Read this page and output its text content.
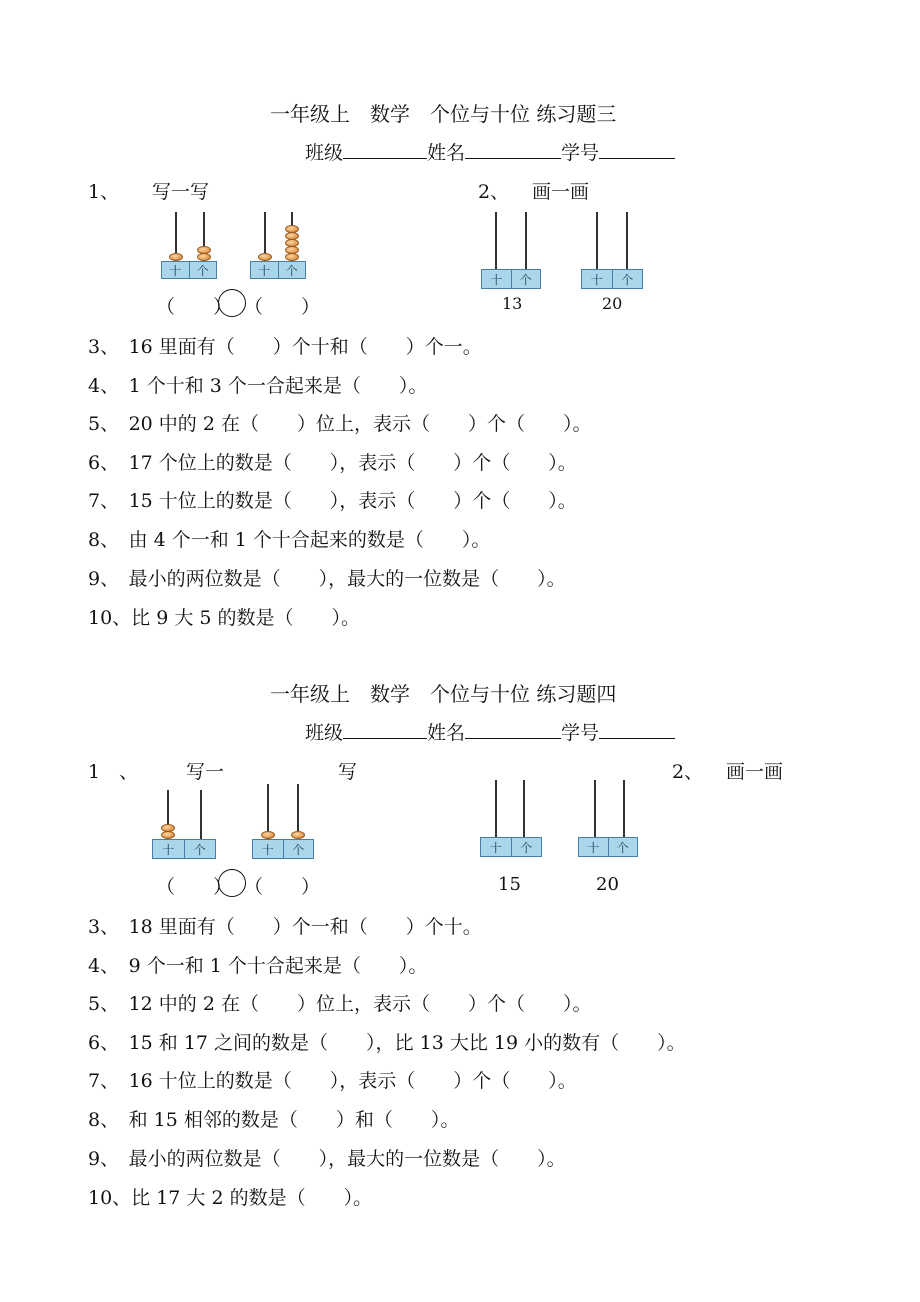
一年级上　数学　个位与十位 练习题三
班级	姓名	学号
1、 写一写	2、 画一画
十	个	十	个
（　　） （　　）
十	个
13
十	个
20
3、　16 里面有（　　）个十和（　　）个一。
4、　1 个十和 3 个一合起来是（　　）。
5、　20 中的 2 在（　　）位上，表示（　　）个（　　）。
6、　17 个位上的数是（　　），表示（　　）个（　　）。
7、　15 十位上的数是（　　），表示（　　）个（　　）。
8、　由 4 个一和 1 个十合起来的数是（　　）。
9、　最小的两位数是（　　），最大的一位数是（　　）。
10、比 9 大 5 的数是（　　）。
一年级上　数学　个位与十位 练习题四
班级	姓名	学号
1　、	写一	写	2、 画一画
十	个	十	个
（　　） （　　）
十	个
15
十	个
20
3、　18 里面有（　　）个一和（　　）个十。
4、　9 个一和 1 个十合起来是（　　）。
5、　12 中的 2 在（　　）位上，表示（　　）个（　　）。
6、　15 和 17 之间的数是（　　），比 13 大比 19 小的数有（　　）。
7、　16 十位上的数是（　　），表示（　　）个（　　）。
8、　和 15 相邻的数是（　　）和（　　）。
9、　最小的两位数是（　　），最大的一位数是（　　）。
10、比 17 大 2 的数是（　　）。
